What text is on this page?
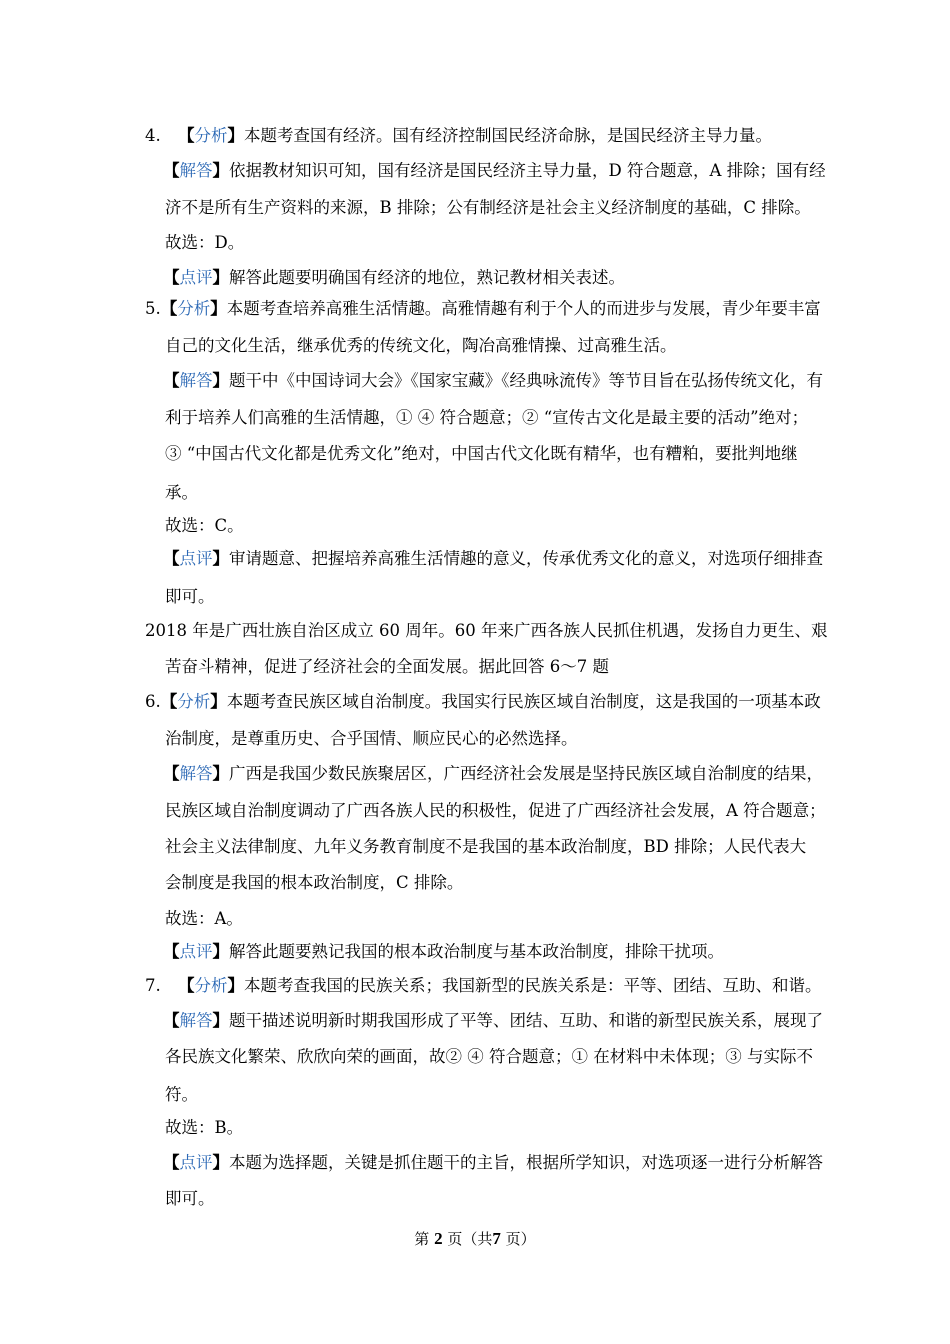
4. 【分析】本题考查国有经济。国有经济控制国民经济命脉，是国民经济主导力量。
【解答】依据教材知识可知，国有经济是国民经济主导力量，D 符合题意，A 排除；国有经
济不是所有生产资料的来源，B 排除；公有制经济是社会主义经济制度的基础，C 排除。
故选：D。
【点评】解答此题要明确国有经济的地位，熟记教材相关表述。
5.【分析】本题考查培养高雅生活情趣。高雅情趣有利于个人的而进步与发展，青少年要丰富
自己的文化生活，继承优秀的传统文化，陶冶高雅情操、过高雅生活。
【解答】题干中《中国诗词大会》《国家宝藏》《经典咏流传》等节目旨在弘扬传统文化，有
利于培养人们高雅的生活情趣，① ④ 符合题意；② “宣传古文化是最主要的活动”绝对；
③ “中国古代文化都是优秀文化”绝对，中国古代文化既有精华，也有糟粕，要批判地继
承。
故选：C。
【点评】审请题意、把握培养高雅生活情趣的意义，传承优秀文化的意义，对选项仔细排查
即可。
2018 年是广西壮族自治区成立 60 周年。60 年来广西各族人民抓住机遇，发扬自力更生、艰
苦奋斗精神，促进了经济社会的全面发展。据此回答 6～7 题
6.【分析】本题考查民族区域自治制度。我国实行民族区域自治制度，这是我国的一项基本政
治制度，是尊重历史、合乎国情、顺应民心的必然选择。
【解答】广西是我国少数民族聚居区，广西经济社会发展是坚持民族区域自治制度的结果，
民族区域自治制度调动了广西各族人民的积极性，促进了广西经济社会发展，A 符合题意；
社会主义法律制度、九年义务教育制度不是我国的基本政治制度，BD 排除；人民代表大
会制度是我国的根本政治制度，C 排除。
故选：A。
【点评】解答此题要熟记我国的根本政治制度与基本政治制度，排除干扰项。
7. 【分析】本题考查我国的民族关系；我国新型的民族关系是：平等、团结、互助、和谐。
【解答】题干描述说明新时期我国形成了平等、团结、互助、和谐的新型民族关系，展现了
各民族文化繁荣、欣欣向荣的画面，故② ④ 符合题意；① 在材料中未体现；③ 与实际不
符。
故选：B。
【点评】本题为选择题，关键是抓住题干的主旨，根据所学知识，对选项逐一进行分析解答
即可。
第 2 页（共7 页）
